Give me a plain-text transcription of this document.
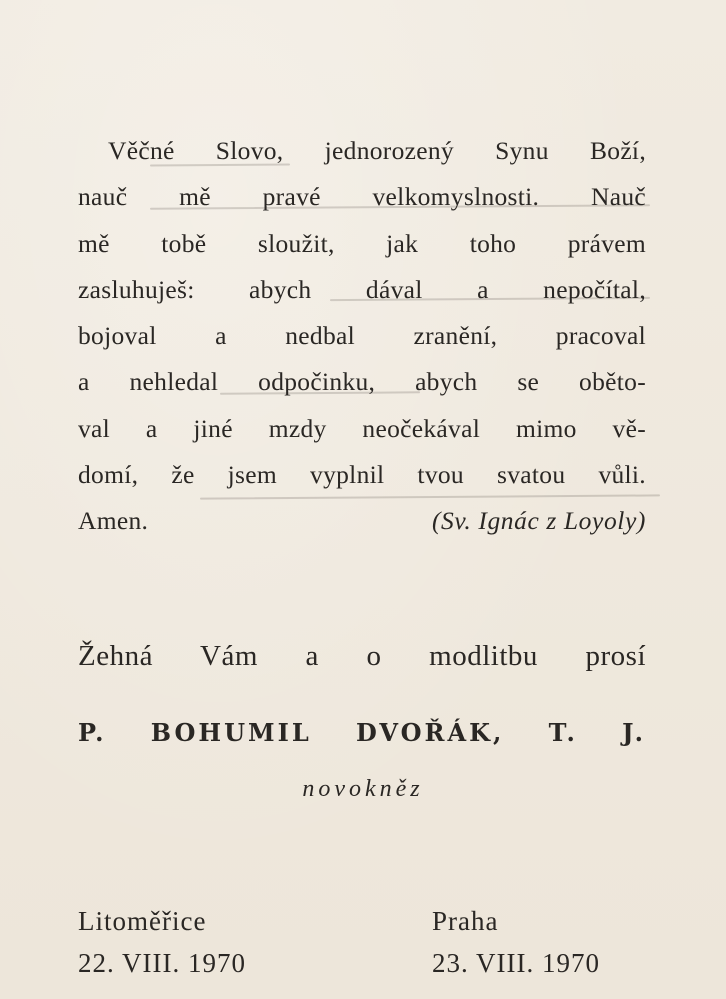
Věčné Slovo, jednorozený Synu Boží,
nauč mě pravé velkomyslnosti. Nauč
mě tobě sloužit, jak toho právem
zasluhuješ: abych dával a nepočítal,
bojoval a nedbal zranění, pracoval
a nehledal odpočinku, abych se oběto-
val a jiné mzdy neočekával mimo vě-
domí, že jsem vyplnil tvou svatou vůli.
Amen.	(Sv. Ignác z Loyoly)
Žehná Vám a o modlitbu prosí
P. BOHUMIL DVOŘÁK, T. J.
novokněz
Litoměřice
22. VIII. 1970
Praha
23. VIII. 1970
